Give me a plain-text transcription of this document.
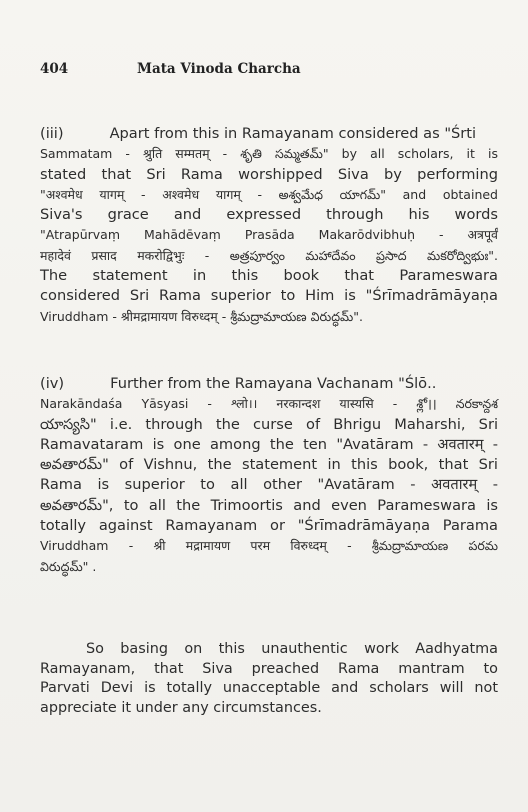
404	Mata Vinoda Charcha
(iii)	Apart from this in Ramayanam considered as "Śrti
Sammatam - श्रुति सम्मतम् - శృతి సమ్మతమ్" by all scholars, it is
stated that Sri Rama worshipped Siva by performing
"अश्वमेध यागम् - अश्वमेध यागम् - అశ్వమేధ యాగమ్" and obtained
Siva's grace and expressed through his words
"Atrapūrvaṃ Mahādēvaṃ Prasāda Makarōdvibhuḥ - अत्रपूर्वं
महादेवं प्रसाद मकरोद्विभुः - అత్రపూర్వం మహాదేవం ప్రసాద మకరోద్విభుః".
The statement in this book that Parameswara
considered Sri Rama superior to Him is "Śrīmadrāmāyaṇa
Viruddham - श्रीमद्रामायण विरुध्दम् - శ్రీమద్రామాయణ విరుద్ధమ్".
(iv)	Further from the Ramayana Vachanam "Ślō..
Narakāndaśa Yāsyasi - श्लो।। नरकान्दश यास्यसि - శ్లో।। నరకాన్దశ
యాస్యసి" i.e. through the curse of Bhrigu Maharshi, Sri
Ramavataram is one among the ten "Avatāram - अवतारम् -
అవతారమ్" of Vishnu, the statement in this book, that Sri
Rama is superior to all other "Avatāram - अवतारम् -
అవతారమ్", to all the Trimoortis and even Parameswara is
totally against Ramayanam or "Śrīmadrāmāyaṇa Parama
Viruddham - श्री मद्रामायण परम विरुध्दम् - శ్రీమద్రామాయణ పరమ
విరుద్ధమ్" .
So basing on this unauthentic work Aadhyatma
Ramayanam, that Siva preached Rama mantram to
Parvati Devi is totally unacceptable and scholars will not
appreciate it under any circumstances.
